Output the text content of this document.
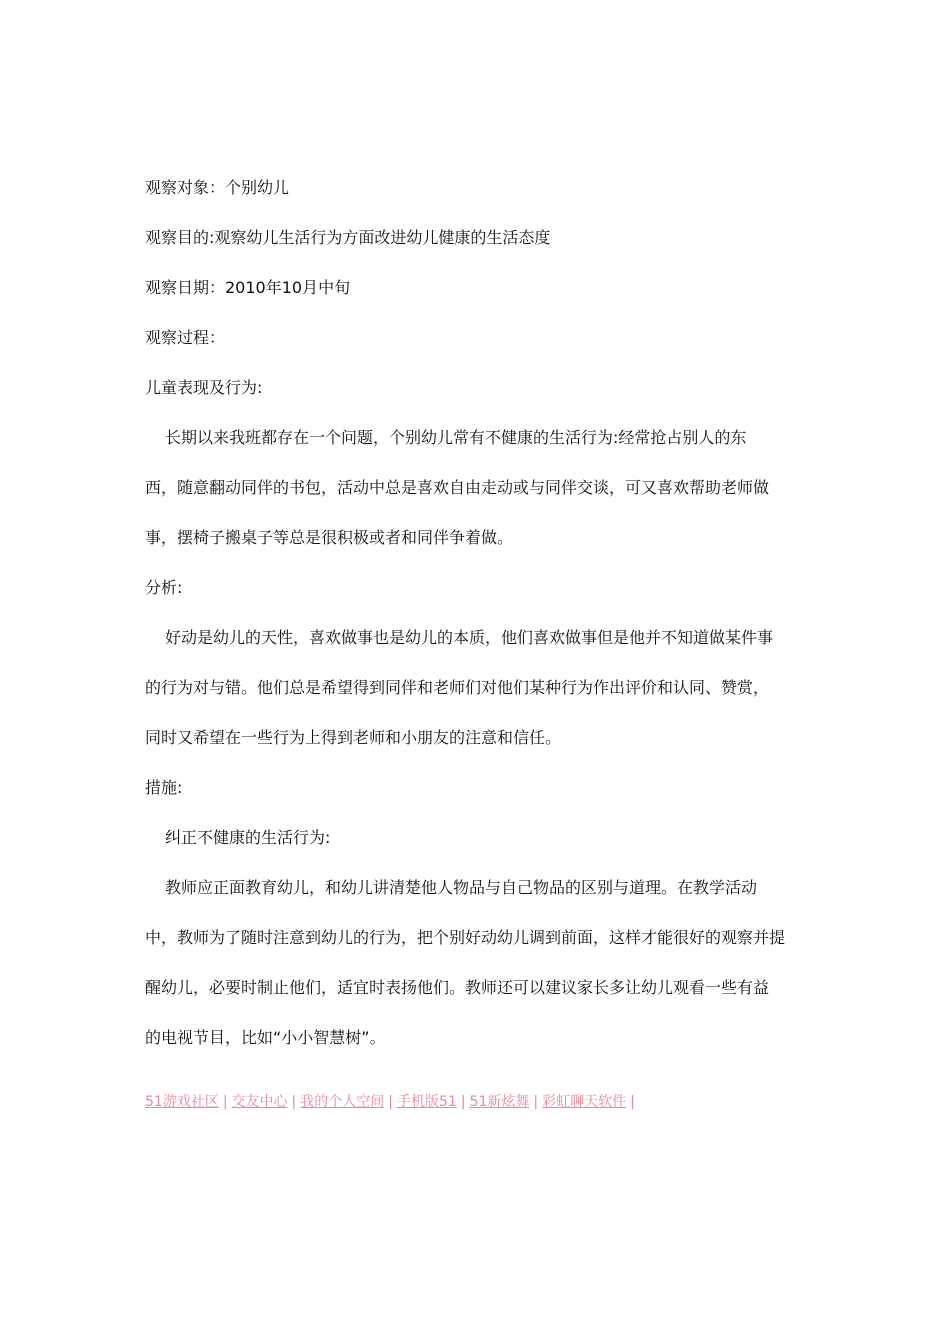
观察对象：个别幼儿
观察目的:观察幼儿生活行为方面改进幼儿健康的生活态度
观察日期：2010年10月中旬
观察过程：
儿童表现及行为:
长期以来我班都存在一个问题，个别幼儿常有不健康的生活行为:经常抢占别人的东
西，随意翻动同伴的书包，活动中总是喜欢自由走动或与同伴交谈，可又喜欢帮助老师做
事，摆椅子搬桌子等总是很积极或者和同伴争着做。
分析:
好动是幼儿的天性，喜欢做事也是幼儿的本质，他们喜欢做事但是他并不知道做某件事
的行为对与错。他们总是希望得到同伴和老师们对他们某种行为作出评价和认同、赞赏，
同时又希望在一些行为上得到老师和小朋友的注意和信任。
措施:
纠正不健康的生活行为:
教师应正面教育幼儿，和幼儿讲清楚他人物品与自己物品的区别与道理。在教学活动
中，教师为了随时注意到幼儿的行为，把个别好动幼儿调到前面，这样才能很好的观察并提
醒幼儿，必要时制止他们，适宜时表扬他们。教师还可以建议家长多让幼儿观看一些有益
的电视节目，比如“小小智慧树”。
51游戏社区 | 交友中心 | 我的个人空间 | 手机版51 | 51新炫舞 | 彩虹聊天软件 |
